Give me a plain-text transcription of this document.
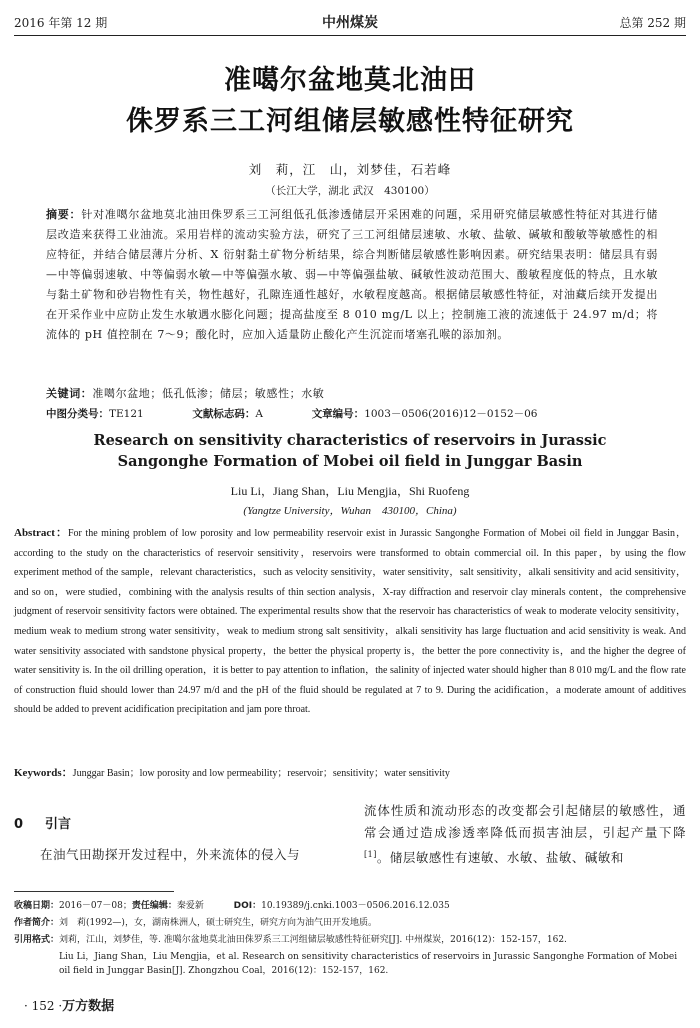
2016 年第 12 期	中州煤炭	总第 252 期
准噶尔盆地莫北油田
侏罗系三工河组储层敏感性特征研究
刘　莉，江　山，刘梦佳，石若峰
（长江大学，湖北 武汉　430100）
摘要：针对准噶尔盆地莫北油田侏罗系三工河组低孔低渗透储层开采困难的问题，采用研究储层敏感性特征对其进行储层改造来获得工业油流。采用岩样的流动实验方法，研究了三工河组储层速敏、水敏、盐敏、碱敏和酸敏等敏感性的相应特征，并结合储层薄片分析、X 衍射黏土矿物分析结果，综合判断储层敏感性影响因素。研究结果表明：储层具有弱—中等偏弱速敏、中等偏弱水敏—中等偏强水敏、弱—中等偏强盐敏、碱敏性波动范围大、酸敏程度低的特点，且水敏与黏土矿物和砂岩物性有关，物性越好，孔隙连通性越好，水敏程度越高。根据储层敏感性特征，对油藏后续开发提出在开采作业中应防止发生水敏遇水膨化问题；提高盐度至 8 010 mg/L 以上；控制施工液的流速低于 24.97 m/d；将流体的 pH 值控制在 7～9；酸化时，应加入适量防止酸化产生沉淀而堵塞孔喉的添加剂。
关键词：准噶尔盆地；低孔低渗；储层；敏感性；水敏
中图分类号：TE121	文献标志码：A	文章编号：1003－0506(2016)12－0152－06
Research on sensitivity characteristics of reservoirs in Jurassic
Sangonghe Formation of Mobei oil field in Junggar Basin
Liu Li，Jiang Shan，Liu Mengjia，Shi Ruofeng
(Yangtze University，Wuhan　430100，China)
Abstract：For the mining problem of low porosity and low permeability reservoir exist in Jurassic Sangonghe Formation of Mobei oil field in Junggar Basin，according to the study on the characteristics of reservoir sensitivity，reservoirs were transformed to obtain commercial oil. In this paper，by using the flow experiment method of the sample，relevant characteristics，such as velocity sensitivity，water sensitivity，salt sensitivity，alkali sensitivity and acid sensitivity，and so on，were studied，combining with the analysis results of thin section analysis，X-ray diffraction and reservoir clay minerals content，the comprehensive judgment of reservoir sensitivity factors were obtained. The experimental results show that the reservoir has characteristics of weak to moderate velocity sensitivity，medium weak to medium strong water sensitivity，weak to medium strong salt sensitivity，alkali sensitivity has large fluctuation and acid sensitivity is weak. And water sensitivity associated with sandstone physical property，the better the physical property is，the better the pore connectivity is，and the higher the degree of water sensitivity is. In the oil drilling operation，it is better to pay attention to inflation，the salinity of injected water should higher than 8 010 mg/L and the flow rate of construction fluid should lower than 24.97 m/d and the pH of the fluid should be regulated at 7 to 9. During the acidification，a moderate amount of additives should be added to prevent acidification precipitation and jam pore throat.
Keywords：Junggar Basin；low porosity and low permeability；reservoir；sensitivity；water sensitivity
0 引言
在油气田勘探开发过程中，外来流体的侵入与
流体性质和流动形态的改变都会引起储层的敏感性，通常会通过造成渗透率降低而损害油层，引起产量下降[1]。储层敏感性有速敏、水敏、盐敏、碱敏和
收稿日期：2016－07－08；责任编辑：秦爱新	DOI：10.19389/j.cnki.1003－0506.2016.12.035
作者简介：刘　莉(1992—)，女，湖南株洲人，硕士研究生，研究方向为油气田开发地质。
引用格式： 刘莉，江山，刘梦佳，等. 准噶尔盆地莫北油田侏罗系三工河组储层敏感性特征研究[J]. 中州煤炭，2016(12)：152-157，162.
Liu Li，Jiang Shan，Liu Mengjia，et al. Research on sensitivity characteristics of reservoirs in Jurassic Sangonghe Formation of Mobei oil field in Junggar Basin[J]. Zhongzhou Coal，2016(12)：152-157，162.
· 152 ·万方数据
